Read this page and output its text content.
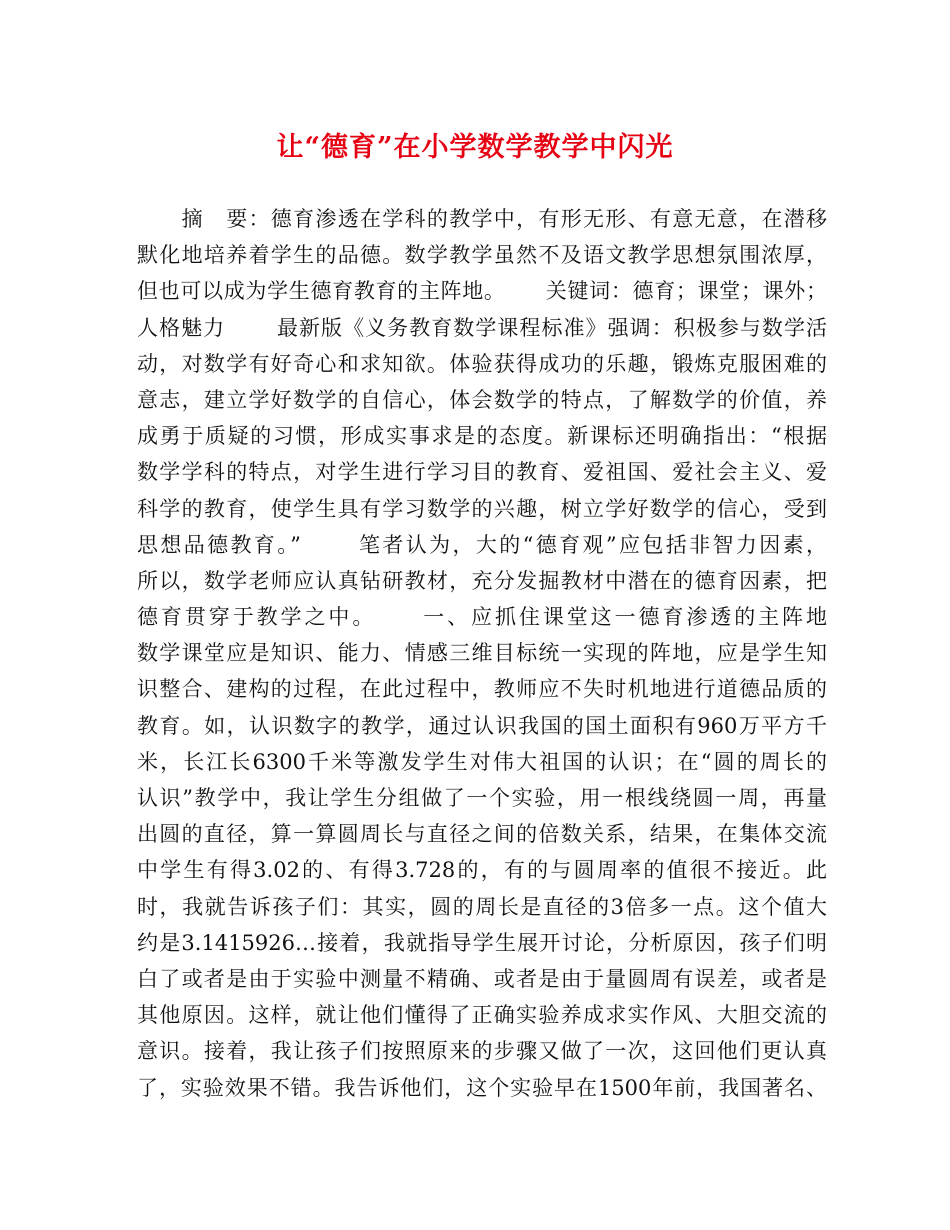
让“德育”在小学数学教学中闪光
　　摘　要：德育渗透在学科的教学中，有形无形、有意无意，在潜移
默化地培养着学生的品德。数学教学虽然不及语文教学思想氛围浓厚，
但也可以成为学生德育教育的主阵地。　　 关键词：德育；课堂；课外；
人格魅力　　 最新版《义务教育数学课程标准》强调：积极参与数学活
动，对数学有好奇心和求知欲。体验获得成功的乐趣，锻炼克服困难的
意志，建立学好数学的自信心，体会数学的特点，了解数学的价值，养
成勇于质疑的习惯，形成实事求是的态度。新课标还明确指出：“根据
数学学科的特点，对学生进行学习目的教育、爱祖国、爱社会主义、爱
科学的教育，使学生具有学习数学的兴趣，树立学好数学的信心，受到
思想品德教育。”　　 笔者认为，大的“德育观”应包括非智力因素，
所以，数学老师应认真钻研教材，充分发掘教材中潜在的德育因素，把
德育贯穿于教学之中。　　 一、应抓住课堂这一德育渗透的主阵地
数学课堂应是知识、能力、情感三维目标统一实现的阵地，应是学生知
识整合、建构的过程，在此过程中，教师应不失时机地进行道德品质的
教育。如，认识数字的教学，通过认识我国的国土面积有960万平方千
米，长江长6300千米等激发学生对伟大祖国的认识；在“圆的周长的
认识”教学中，我让学生分组做了一个实验，用一根线绕圆一周，再量
出圆的直径，算一算圆周长与直径之间的倍数关系，结果，在集体交流
中学生有得3.02的、有得3.728的，有的与圆周率的值很不接近。此
时，我就告诉孩子们：其实，圆的周长是直径的3倍多一点。这个值大
约是3.1415926…接着，我就指导学生展开讨论，分析原因，孩子们明
白了或者是由于实验中测量不精确、或者是由于量圆周有误差，或者是
其他原因。这样，就让他们懂得了正确实验养成求实作风、大胆交流的
意识。接着，我让孩子们按照原来的步骤又做了一次，这回他们更认真
了，实验效果不错。我告诉他们，这个实验早在1500年前，我国著名、
